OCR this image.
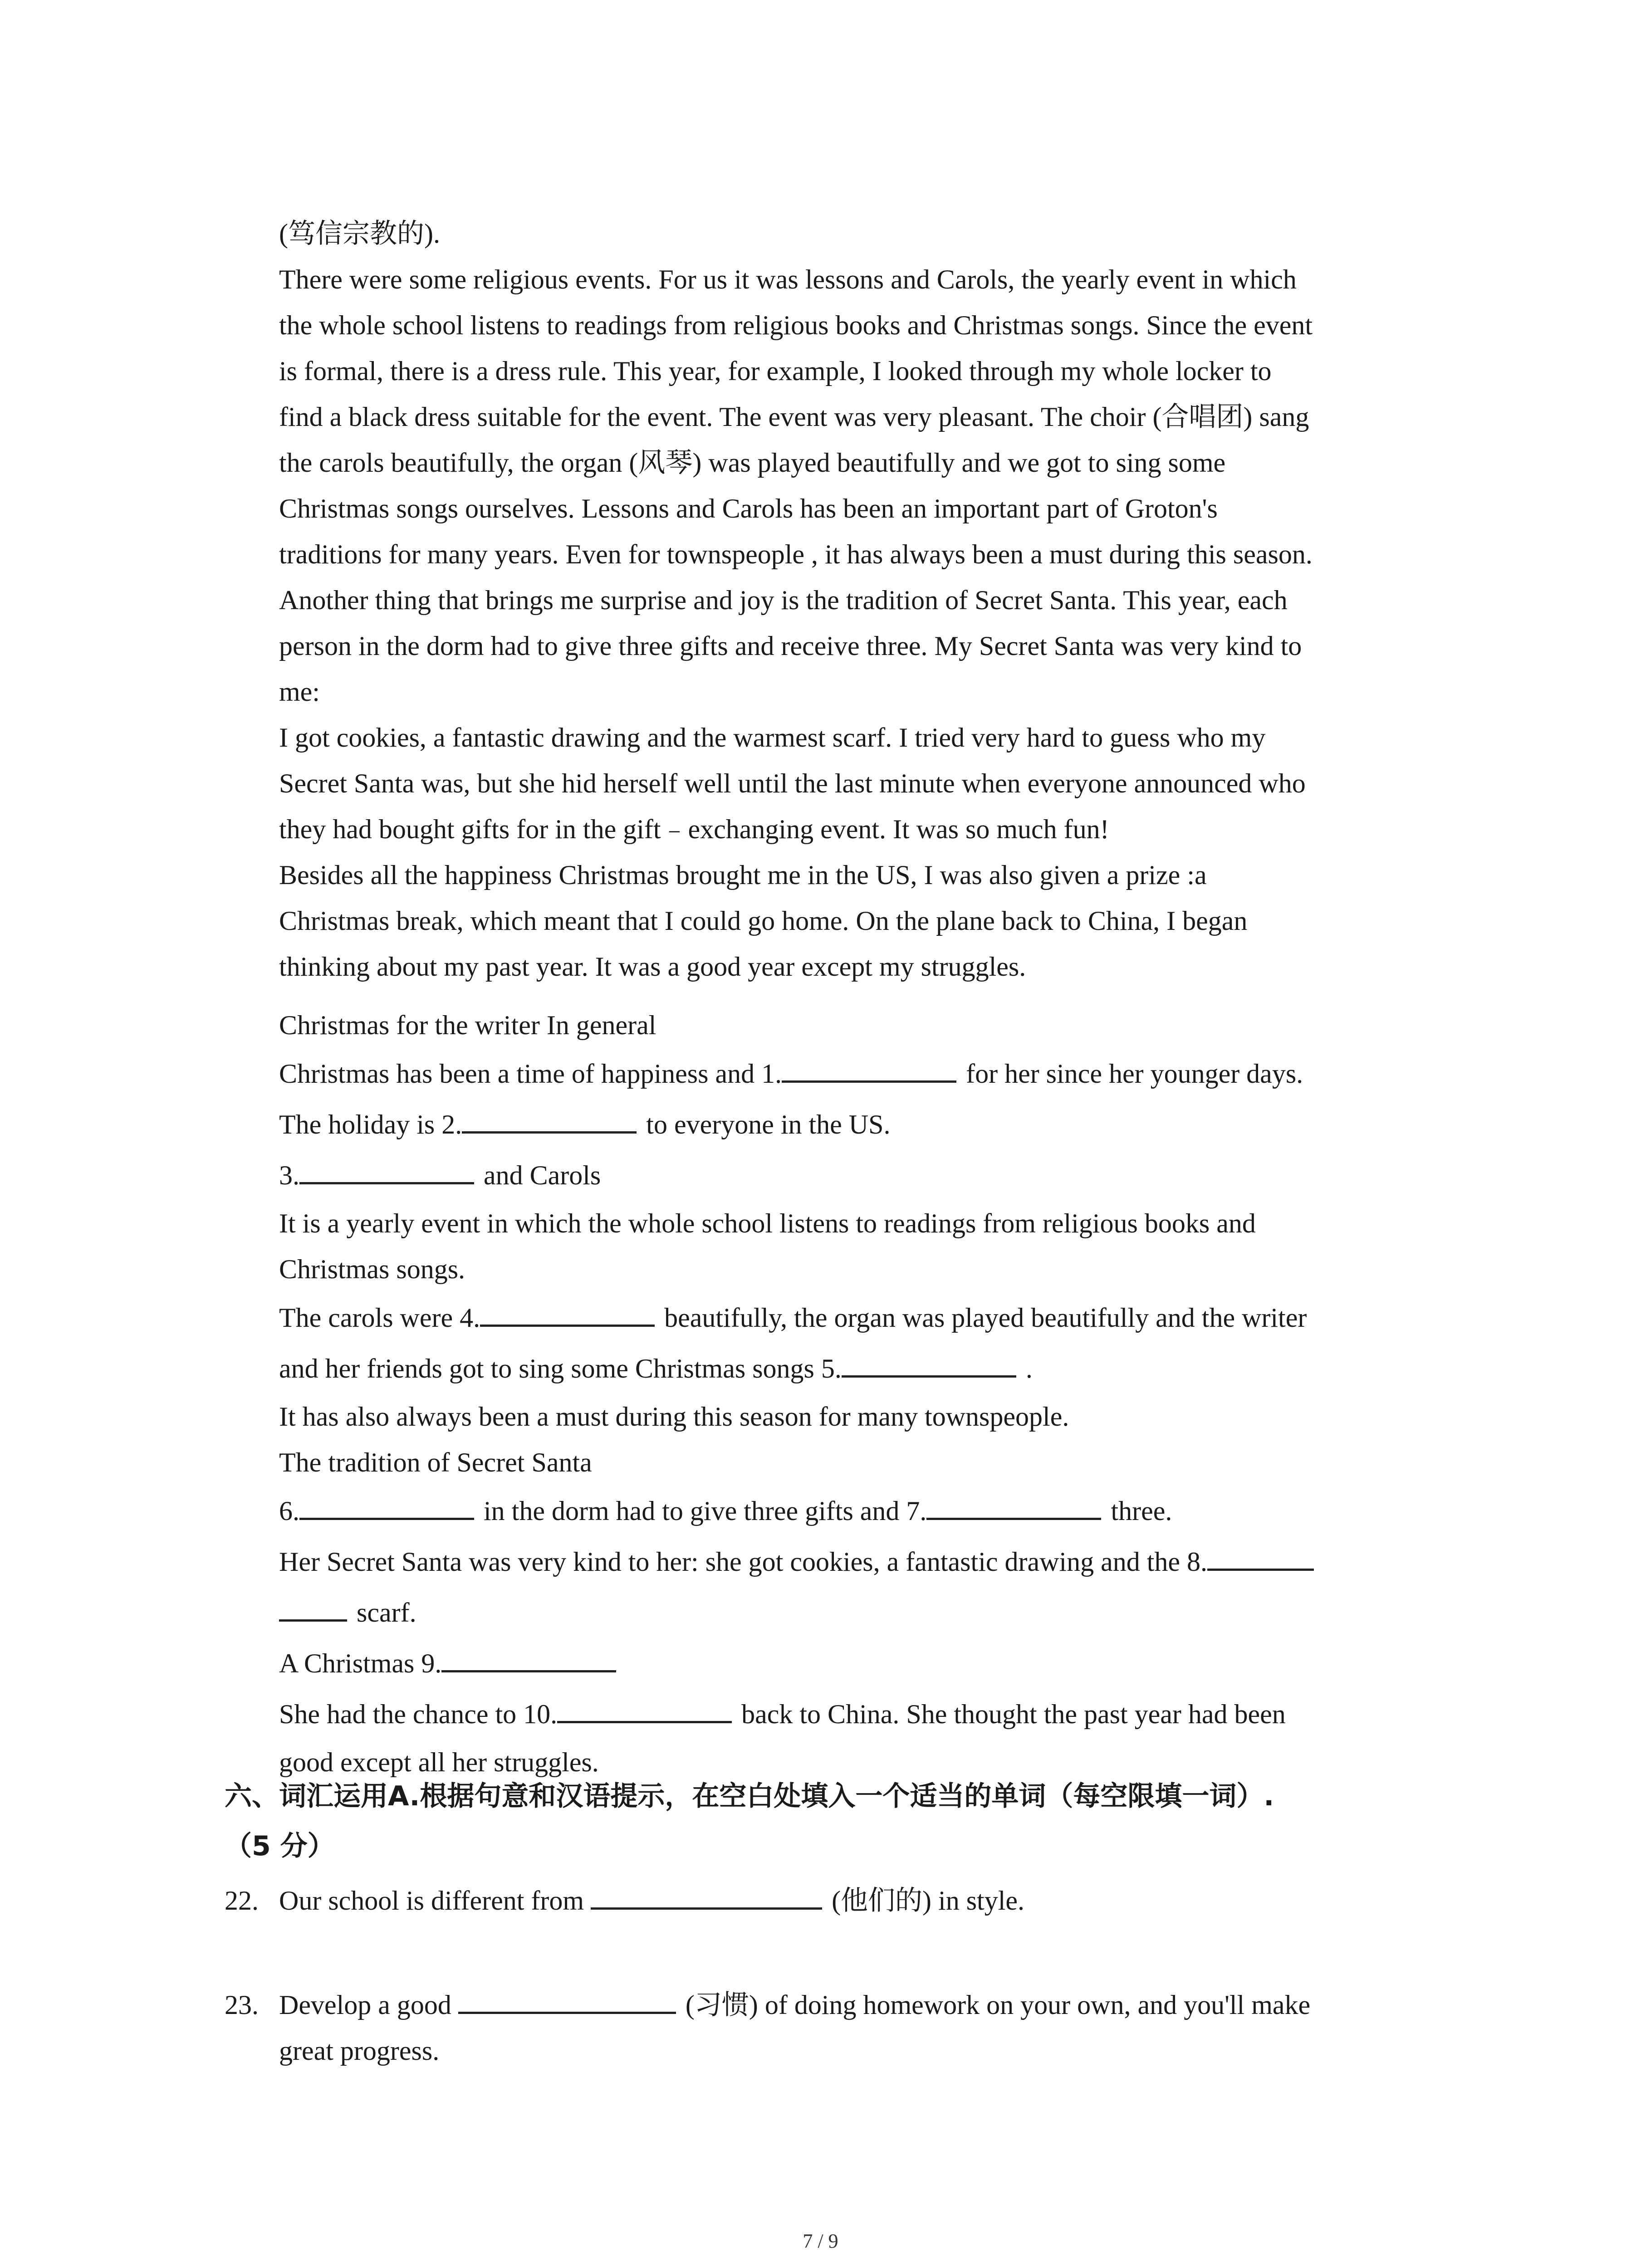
(笃信宗教的).
There were some religious events. For us it was lessons and Carols, the yearly event in which
the whole school listens to readings from religious books and Christmas songs. Since the event
is formal, there is a dress rule. This year, for example, I looked through my whole locker to
find a black dress suitable for the event. The event was very pleasant. The choir (合唱团) sang
the carols beautifully, the organ (风琴) was played beautifully and we got to sing some
Christmas songs ourselves. Lessons and Carols has been an important part of Groton's
traditions for many years. Even for townspeople , it has always been a must during this season.
Another thing that brings me surprise and joy is the tradition of Secret Santa. This year, each
person in the dorm had to give three gifts and receive three. My Secret Santa was very kind to
me:
I got cookies, a fantastic drawing and the warmest scarf. I tried very hard to guess who my
Secret Santa was, but she hid herself well until the last minute when everyone announced who
they had bought gifts for in the gift﹣exchanging event. It was so much fun!
Besides all the happiness Christmas brought me in the US, I was also given a prize :a
Christmas break, which meant that I could go home. On the plane back to China, I began
thinking about my past year. It was a good year except my struggles.
Christmas for the writer In general
Christmas has been a time of happiness and 1.	for her since her younger days.
The holiday is 2.	to everyone in the US.
3.	and Carols
It is a yearly event in which the whole school listens to readings from religious books and
Christmas songs.
The carols were 4.	beautifully, the organ was played beautifully and the writer
and her friends got to sing some Christmas songs 5.	.
It has also always been a must during this season for many townspeople.
The tradition of Secret Santa
6.	in the dorm had to give three gifts and 7.	three.
Her Secret Santa was very kind to her: she got cookies, a fantastic drawing and the 8.
scarf.
A Christmas 9.
She had the chance to 10.	back to China. She thought the past year had been
good except all her struggles.
六、词汇运用A.根据句意和汉语提示，在空白处填入一个适当的单词（每空限填一词）.
（5 分）
22. Our school is different from	(他们的) in style.
23. Develop a good	(习惯) of doing homework on your own, and you'll make
great progress.
7 / 9
